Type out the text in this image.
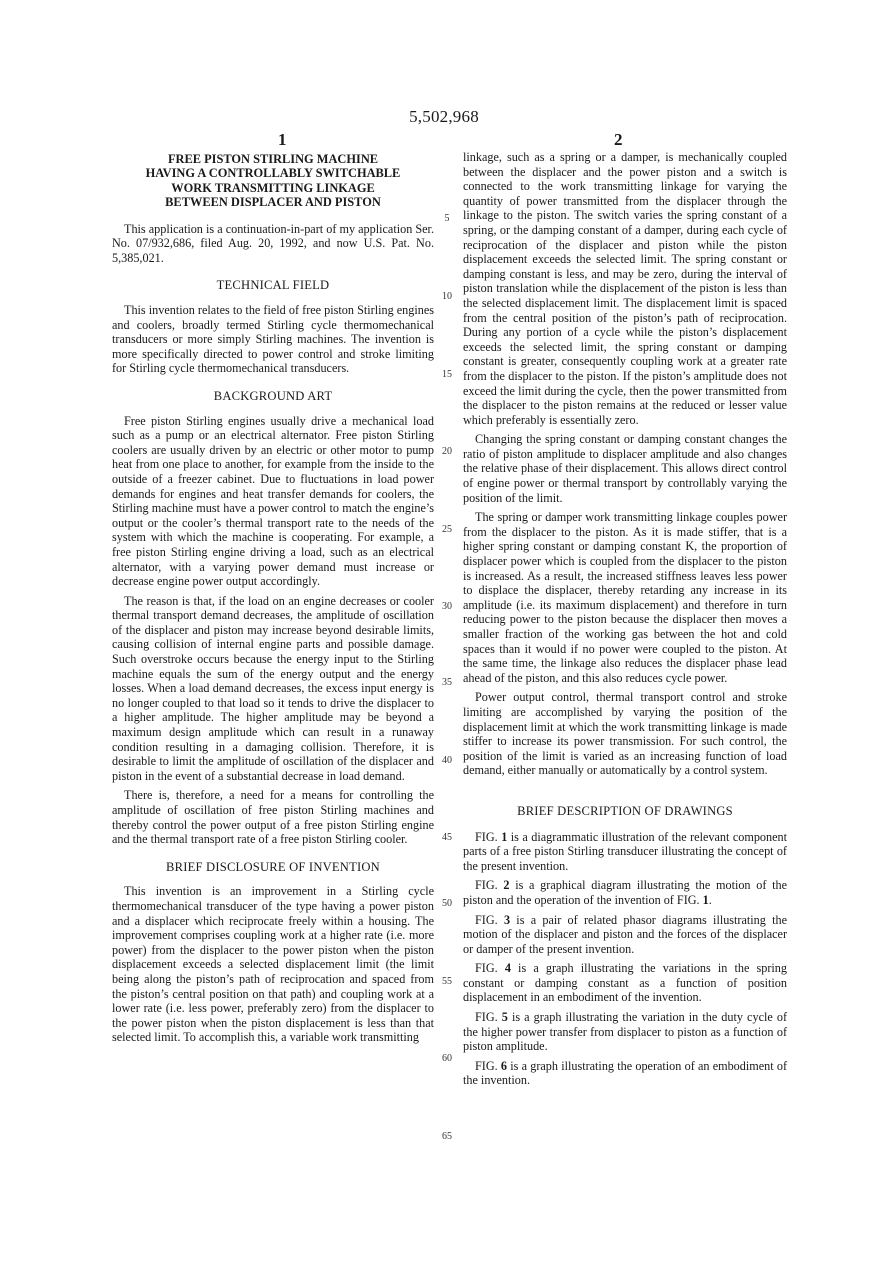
5,502,968
1	2
FREE PISTON STIRLING MACHINE
HAVING A CONTROLLABLY SWITCHABLE
WORK TRANSMITTING LINKAGE
BETWEEN DISPLACER AND PISTON

This application is a continuation-in-part of my application Ser. No. 07/932,686, filed Aug. 20, 1992, and now U.S. Pat. No. 5,385,021.

TECHNICAL FIELD

This invention relates to the field of free piston Stirling engines and coolers, broadly termed Stirling cycle thermomechanical transducers or more simply Stirling machines. The invention is more specifically directed to power control and stroke limiting for Stirling cycle thermomechanical transducers.

BACKGROUND ART

Free piston Stirling engines usually drive a mechanical load such as a pump or an electrical alternator. Free piston Stirling coolers are usually driven by an electric or other motor to pump heat from one place to another, for example from the inside to the outside of a freezer cabinet. Due to fluctuations in load power demands for engines and heat transfer demands for coolers, the Stirling machine must have a power control to match the engine’s output or the cooler’s thermal transport rate to the needs of the system with which the machine is cooperating. For example, a free piston Stirling engine driving a load, such as an electrical alternator, with a varying power demand must increase or decrease engine power output accordingly.

The reason is that, if the load on an engine decreases or cooler thermal transport demand decreases, the amplitude of oscillation of the displacer and piston may increase beyond desirable limits, causing collision of internal engine parts and possible damage. Such overstroke occurs because the energy input to the Stirling machine equals the sum of the energy output and the energy losses. When a load demand decreases, the excess input energy is no longer coupled to that load so it tends to drive the displacer to a higher amplitude. The higher amplitude may be beyond a maximum design amplitude which can result in a runaway condition resulting in a damaging collision. Therefore, it is desirable to limit the amplitude of oscillation of the displacer and piston in the event of a substantial decrease in load demand.

There is, therefore, a need for a means for controlling the amplitude of oscillation of free piston Stirling machines and thereby control the power output of a free piston Stirling engine and the thermal transport rate of a free piston Stirling cooler.

BRIEF DISCLOSURE OF INVENTION

This invention is an improvement in a Stirling cycle thermomechanical transducer of the type having a power piston and a displacer which reciprocate freely within a housing. The improvement comprises coupling work at a higher rate (i.e. more power) from the displacer to the power piston when the piston displacement exceeds a selected displacement limit (the limit being along the piston’s path of reciprocation and spaced from the piston’s central position on that path) and coupling work at a lower rate (i.e. less power, preferably zero) from the displacer to the power piston when the piston displacement is less than that selected limit. To accomplish this, a variable work transmitting

5
10
15
20
25
30
35
40
45
50
55
60
65

linkage, such as a spring or a damper, is mechanically coupled between the displacer and the power piston and a switch is connected to the work transmitting linkage for varying the quantity of power transmitted from the displacer through the linkage to the piston. The switch varies the spring constant of a spring, or the damping constant of a damper, during each cycle of reciprocation of the displacer and piston while the piston displacement exceeds the selected limit. The spring constant or damping constant is less, and may be zero, during the interval of piston translation while the displacement of the piston is less than the selected displacement limit. The displacement limit is spaced from the central position of the piston’s path of reciprocation. During any portion of a cycle while the piston’s displacement exceeds the selected limit, the spring constant or damping constant is greater, consequently coupling work at a greater rate from the displacer to the piston. If the piston’s amplitude does not exceed the limit during the cycle, then the power transmitted from the displacer to the piston remains at the reduced or lesser value which preferably is essentially zero.

Changing the spring constant or damping constant changes the ratio of piston amplitude to displacer amplitude and also changes the relative phase of their displacement. This allows direct control of engine power or thermal transport by controllably varying the position of the limit.

The spring or damper work transmitting linkage couples power from the displacer to the piston. As it is made stiffer, that is a higher spring constant or damping constant K, the proportion of displacer power which is coupled from the displacer to the piston is increased. As a result, the increased stiffness leaves less power to displace the displacer, thereby retarding any increase in its amplitude (i.e. its maximum displacement) and therefore in turn reducing power to the piston because the displacer then moves a smaller fraction of the working gas between the hot and cold spaces than it would if no power were coupled to the piston. At the same time, the linkage also reduces the displacer phase lead ahead of the piston, and this also reduces cycle power.

Power output control, thermal transport control and stroke limiting are accomplished by varying the position of the displacement limit at which the work transmitting linkage is made stiffer to increase its power transmission. For such control, the position of the limit is varied as an increasing function of load demand, either manually or automatically by a control system.

BRIEF DESCRIPTION OF DRAWINGS

FIG. 1 is a diagrammatic illustration of the relevant component parts of a free piston Stirling transducer illustrating the concept of the present invention.

FIG. 2 is a graphical diagram illustrating the motion of the piston and the operation of the invention of FIG. 1.

FIG. 3 is a pair of related phasor diagrams illustrating the motion of the displacer and piston and the forces of the displacer or damper of the present invention.

FIG. 4 is a graph illustrating the variations in the spring constant or damping constant as a function of position displacement in an embodiment of the invention.

FIG. 5 is a graph illustrating the variation in the duty cycle of the higher power transfer from displacer to piston as a function of piston amplitude.

FIG. 6 is a graph illustrating the operation of an embodiment of the invention.
